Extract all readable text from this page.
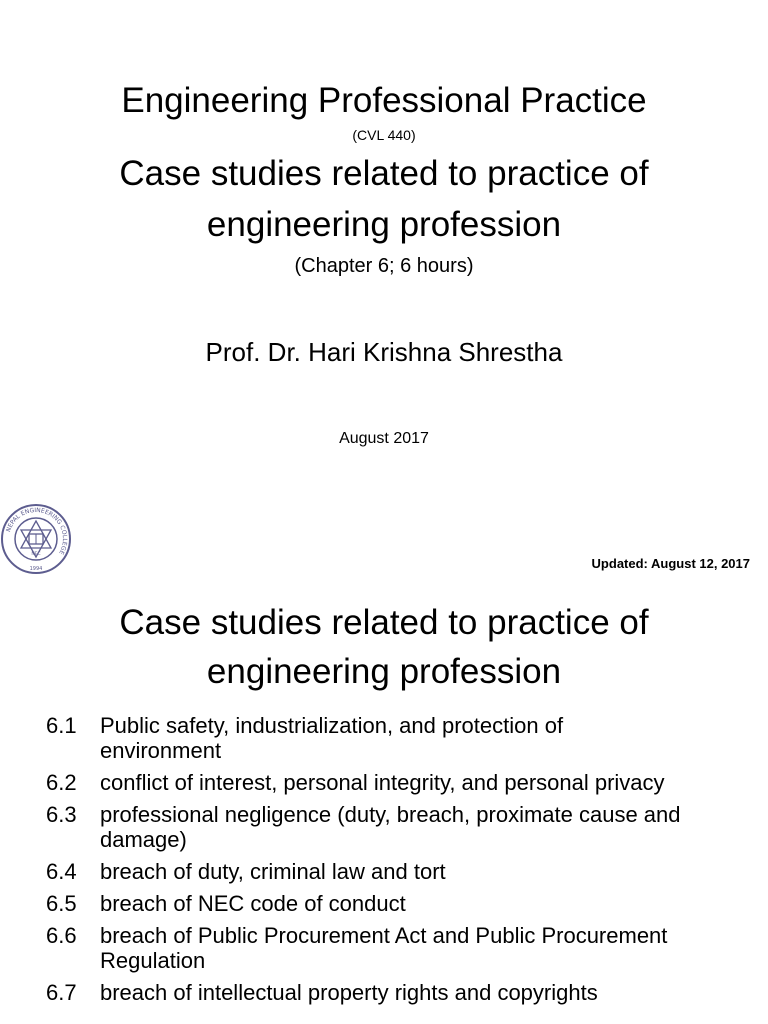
Engineering Professional Practice
(CVL 440)
Case studies related to practice of
engineering profession
(Chapter 6; 6 hours)
Prof. Dr. Hari Krishna Shrestha
August 2017
NEPAL ENGINEERING COLLEGE
NEC
1994	Updated: August 12, 2017
Case studies related to practice of
engineering profession
6.1	Public safety, industrialization, and protection of environment
6.2	conflict of interest, personal integrity, and personal privacy
6.3	professional negligence (duty, breach, proximate cause and damage)
6.4	breach of duty, criminal law and tort
6.5	breach of NEC code of conduct
6.6	breach of Public Procurement Act and Public Procurement Regulation
6.7	breach of intellectual property rights and copyrights
